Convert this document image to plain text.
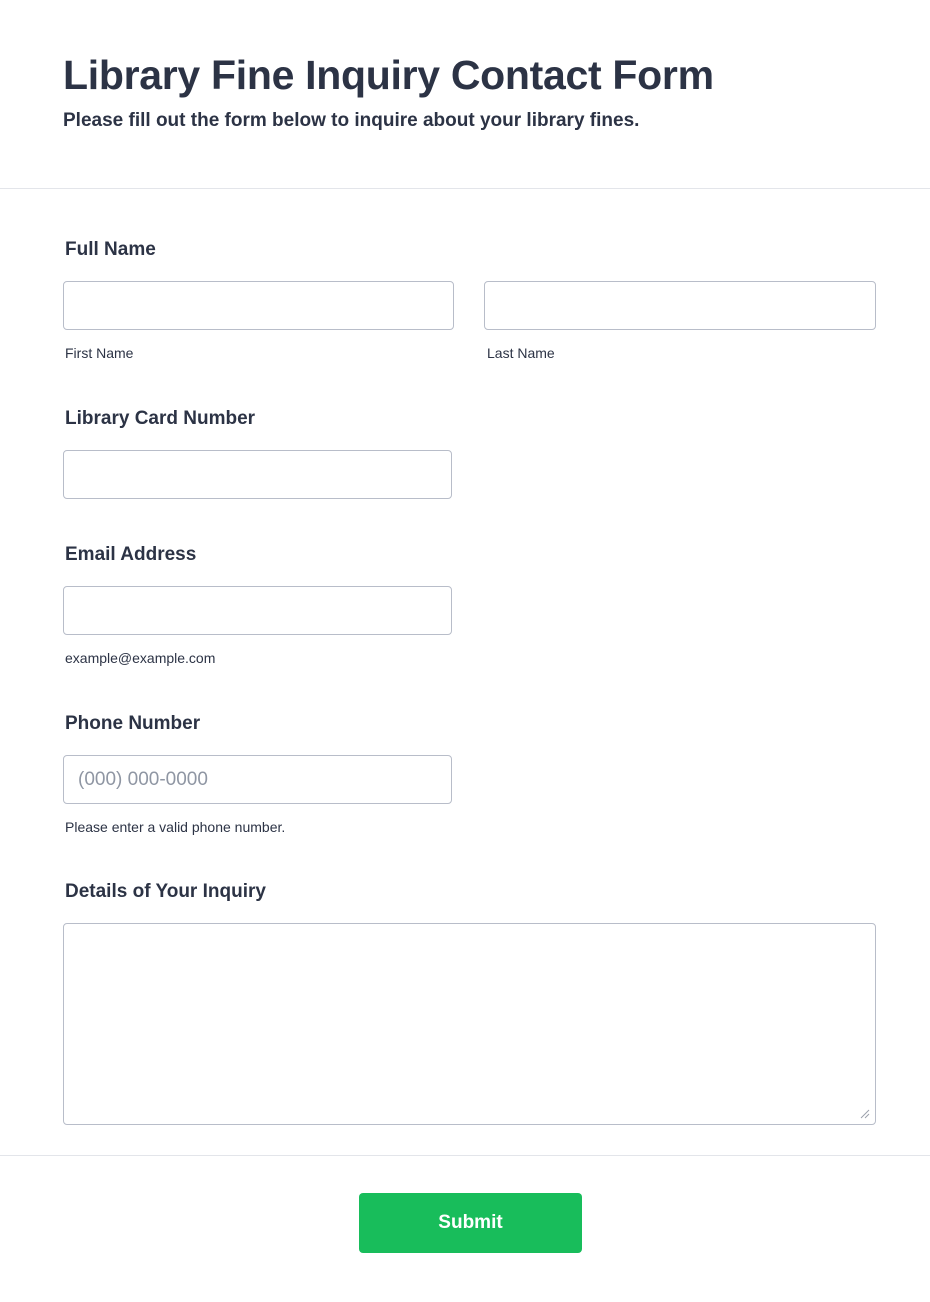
Library Fine Inquiry Contact Form
Please fill out the form below to inquire about your library fines.
Full Name
First Name	Last Name
Library Card Number
Email Address
example@example.com
Phone Number
(000) 000-0000
Please enter a valid phone number.
Details of Your Inquiry
Submit
